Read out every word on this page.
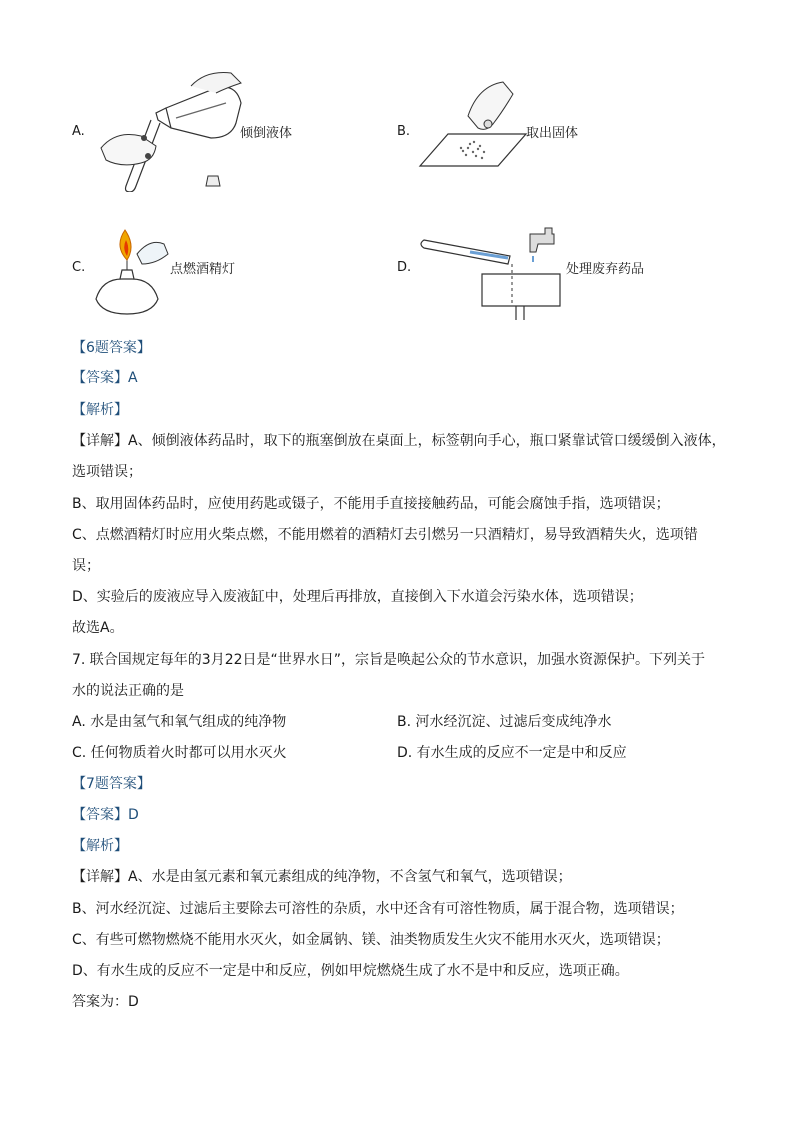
A.	倾倒液体	B.	取出固体
C.	点燃酒精灯	D.	处理废弃药品
【6题答案】
【答案】A
【解析】
【详解】A、倾倒液体药品时，取下的瓶塞倒放在桌面上，标签朝向手心，瓶口紧靠试管口缓缓倒入液体，
选项错误；
B、取用固体药品时，应使用药匙或镊子，不能用手直接接触药品，可能会腐蚀手指，选项错误；
C、点燃酒精灯时应用火柴点燃，不能用燃着的酒精灯去引燃另一只酒精灯，易导致酒精失火，选项错
误；
D、实验后的废液应导入废液缸中，处理后再排放，直接倒入下水道会污染水体，选项错误；
故选A。
7. 联合国规定每年的3月22日是“世界水日”，宗旨是唤起公众的节水意识，加强水资源保护。下列关于
水的说法正确的是
A. 水是由氢气和氧气组成的纯净物	B. 河水经沉淀、过滤后变成纯净水
C. 任何物质着火时都可以用水灭火	D. 有水生成的反应不一定是中和反应
【7题答案】
【答案】D
【解析】
【详解】A、水是由氢元素和氧元素组成的纯净物，不含氢气和氧气，选项错误；
B、河水经沉淀、过滤后主要除去可溶性的杂质，水中还含有可溶性物质，属于混合物，选项错误；
C、有些可燃物燃烧不能用水灭火，如金属钠、镁、油类物质发生火灾不能用水灭火，选项错误；
D、有水生成的反应不一定是中和反应，例如甲烷燃烧生成了水不是中和反应，选项正确。
答案为：D
